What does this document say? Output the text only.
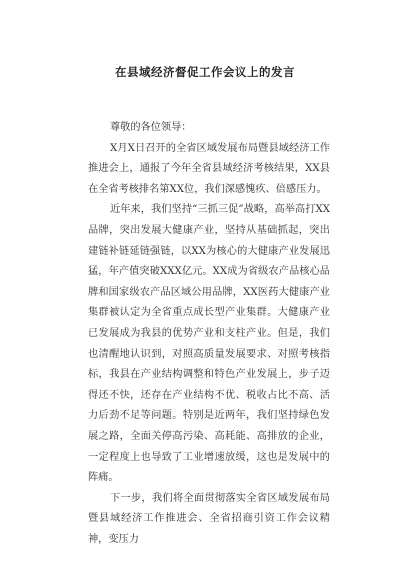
在县域经济督促工作会议上的发言

尊敬的各位领导：

X月X日召开的全省区域发展布局暨县域经济工作推进会上，通报了今年全省县域经济考核结果，XX县在全省考核排名第XX位，我们深感愧疚、倍感压力。

近年来，我们坚持“三抓三促”战略，高举高打XX品牌，突出发展大健康产业，坚持从基础抓起，突出建链补链延链强链，以XX为核心的大健康产业发展迅猛，年产值突破XXX亿元。XX成为省级农产品核心品牌和国家级农产品区域公用品牌，XX医药大健康产业集群被认定为全省重点成长型产业集群。大健康产业已发展成为我县的优势产业和支柱产业。但是，我们也清醒地认识到，对照高质量发展要求、对照考核指标，我县在产业结构调整和特色产业发展上，步子迈得还不快，还存在产业结构不优、税收占比不高、活力后劲不足等问题。特别是近两年，我们坚持绿色发展之路，全面关停高污染、高耗能、高排放的企业，一定程度上也导致了工业增速放缓，这也是发展中的阵痛。

下一步，我们将全面贯彻落实全省区域发展布局暨县域经济工作推进会、全省招商引资工作会议精神，变压力
